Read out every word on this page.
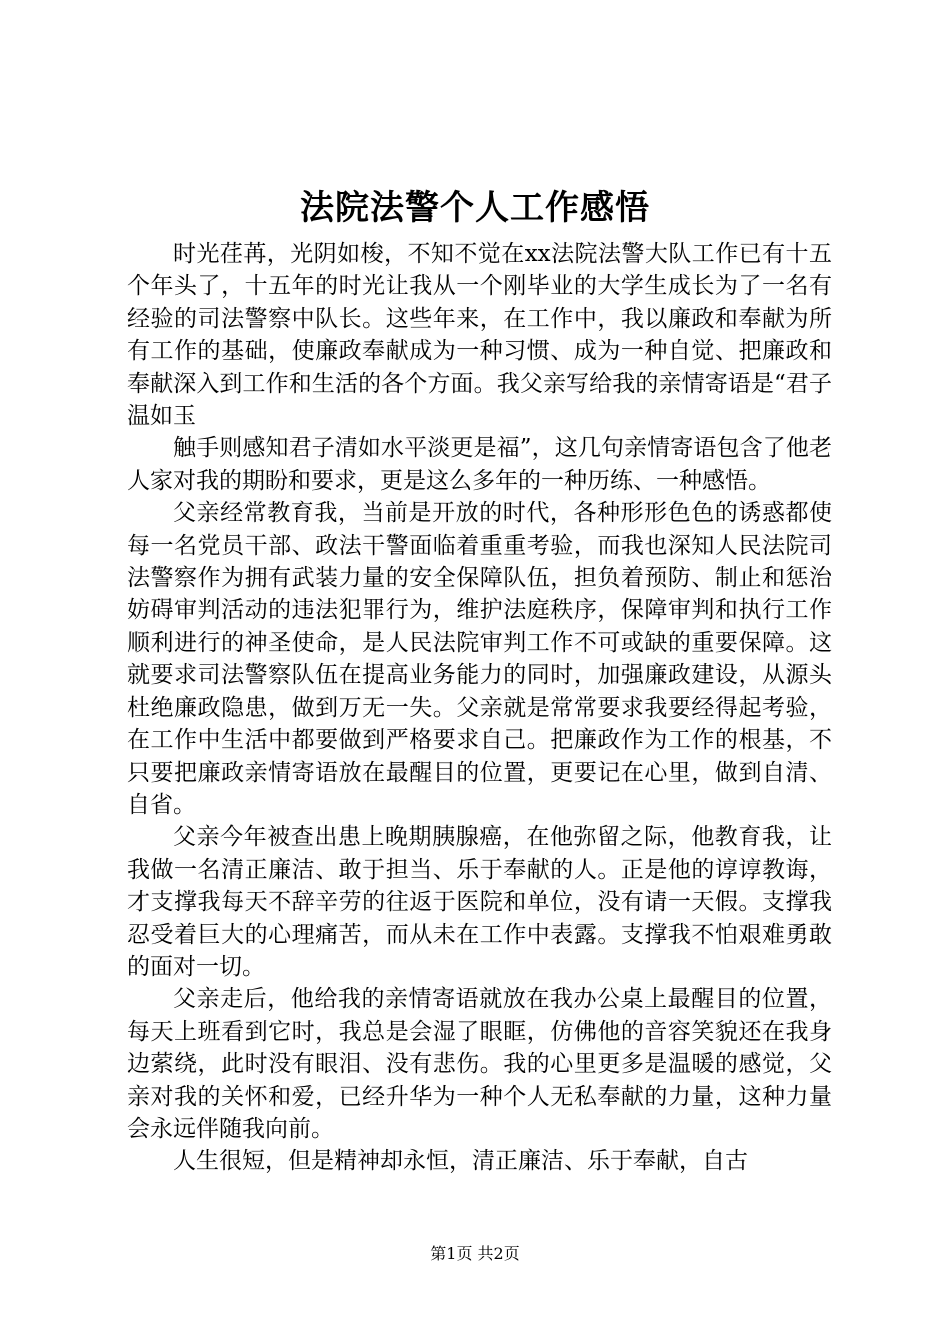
法院法警个人工作感悟

时光荏苒，光阴如梭，不知不觉在xx法院法警大队工作已有十五个年头了，十五年的时光让我从一个刚毕业的大学生成长为了一名有经验的司法警察中队长。这些年来，在工作中，我以廉政和奉献为所有工作的基础，使廉政奉献成为一种习惯、成为一种自觉、把廉政和奉献深入到工作和生活的各个方面。我父亲写给我的亲情寄语是“君子温如玉

触手则感知君子清如水平淡更是福”，这几句亲情寄语包含了他老人家对我的期盼和要求，更是这么多年的一种历练、一种感悟。

父亲经常教育我，当前是开放的时代，各种形形色色的诱惑都使每一名党员干部、政法干警面临着重重考验，而我也深知人民法院司法警察作为拥有武装力量的安全保障队伍，担负着预防、制止和惩治妨碍审判活动的违法犯罪行为，维护法庭秩序，保障审判和执行工作顺利进行的神圣使命，是人民法院审判工作不可或缺的重要保障。这就要求司法警察队伍在提高业务能力的同时，加强廉政建设，从源头杜绝廉政隐患，做到万无一失。父亲就是常常要求我要经得起考验，在工作中生活中都要做到严格要求自己。把廉政作为工作的根基，不只要把廉政亲情寄语放在最醒目的位置，更要记在心里，做到自清、自省。

父亲今年被查出患上晚期胰腺癌，在他弥留之际，他教育我，让我做一名清正廉洁、敢于担当、乐于奉献的人。正是他的谆谆教诲，才支撑我每天不辞辛劳的往返于医院和单位，没有请一天假。支撑我忍受着巨大的心理痛苦，而从未在工作中表露。支撑我不怕艰难勇敢的面对一切。

父亲走后，他给我的亲情寄语就放在我办公桌上最醒目的位置，每天上班看到它时，我总是会湿了眼眶，仿佛他的音容笑貌还在我身边萦绕，此时没有眼泪、没有悲伤。我的心里更多是温暖的感觉，父亲对我的关怀和爱，已经升华为一种个人无私奉献的力量，这种力量会永远伴随我向前。

人生很短，但是精神却永恒，清正廉洁、乐于奉献，自古

第1页 共2页
